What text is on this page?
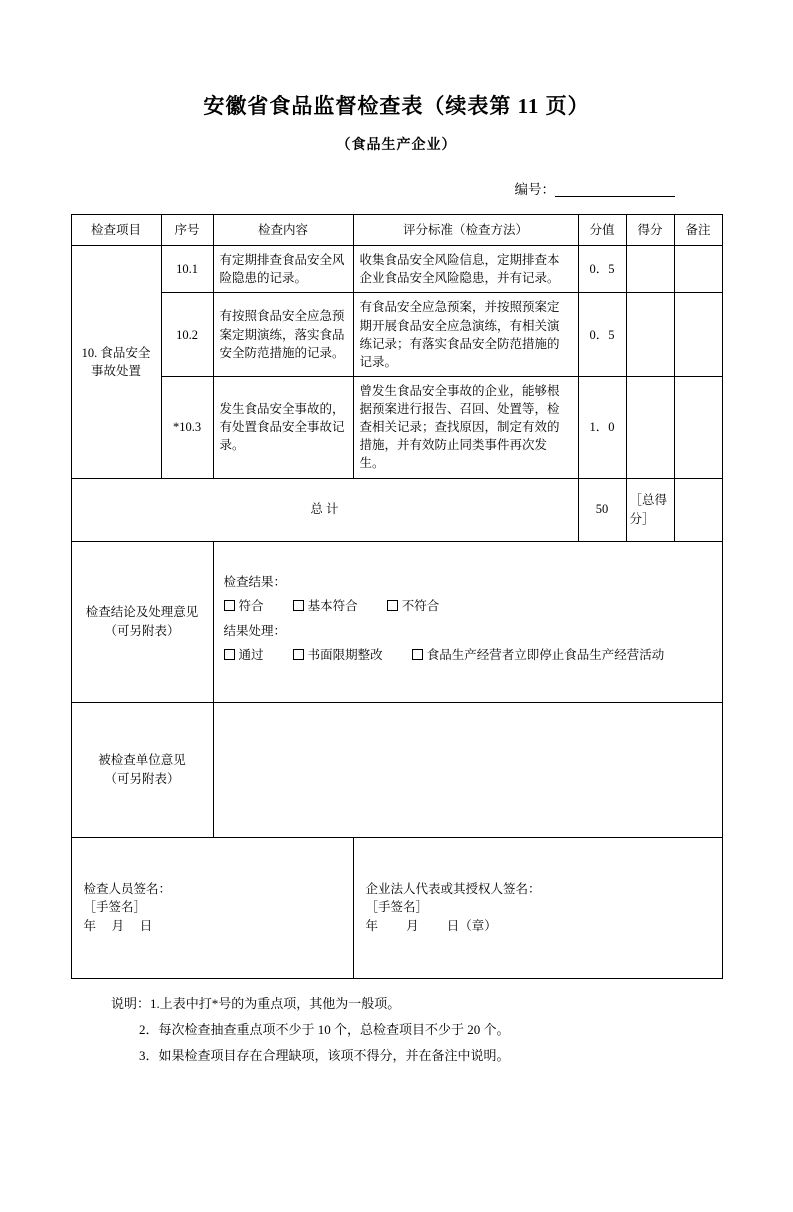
安徽省食品监督检查表（续表第 11 页）
（食品生产企业）
编号：
检查项目	序号	检查内容	评分标准（检查方法）	分值	得分	备注
10. 食品安全事故处置	10.1	有定期排查食品安全风险隐患的记录。	收集食品安全风险信息，定期排查本企业食品安全风险隐患，并有记录。	0．5		
	10.2	有按照食品安全应急预案定期演练，落实食品安全防范措施的记录。	有食品安全应急预案，并按照预案定期开展食品安全应急演练，有相关演练记录；有落实食品安全防范措施的记录。	0．5		
	*10.3	发生食品安全事故的，有处置食品安全事故记录。	曾发生食品安全事故的企业，能够根据预案进行报告、召回、处置等，检查相关记录；查找原因，制定有效的措施，并有效防止同类事件再次发生。	1．0		
总 计				50	［总得分］	

检查结论及处理意见
（可另附表）

检查结果：
符合	基本符合	不符合
结果处理：
通过	书面限期整改	食品生产经营者立即停止食品生产经营活动

被检查单位意见
（可另附表）						

检查人员签名：
［手签名］
年　 月　 日

企业法人代表或其授权人签名：
［手签名］
年　　 月　　 日（章）
说明：1.上表中打*号的为重点项，其他为一般项。
2．每次检查抽查重点项不少于 10 个，总检查项目不少于 20 个。
3．如果检查项目存在合理缺项，该项不得分，并在备注中说明。
